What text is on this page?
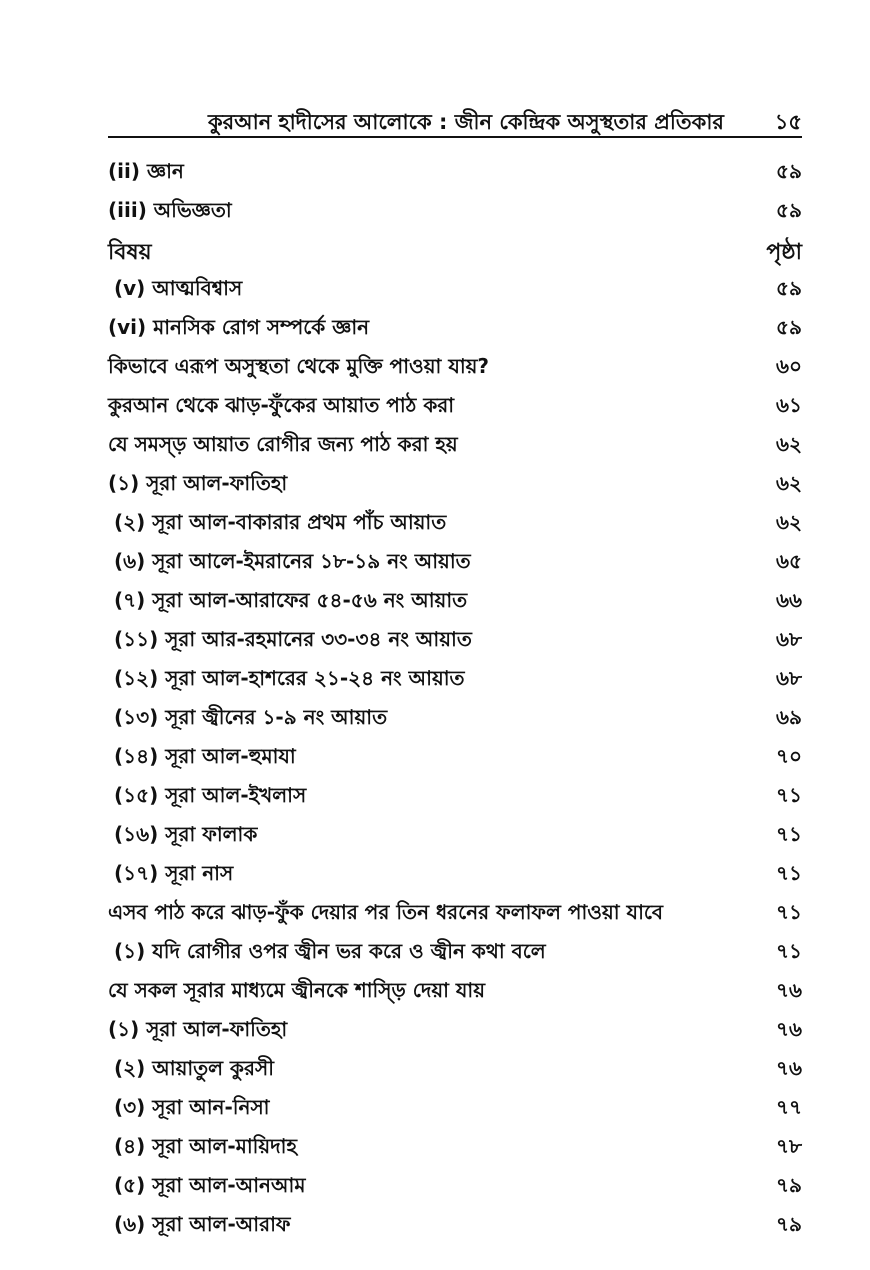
কুরআন হাদীসের আলোকে : জীন কেন্দ্রিক অসুস্থতার প্রতিকার ১৫
(ii) জ্ঞান	৫৯
(iii) অভিজ্ঞতা	৫৯
বিষয়	পৃষ্ঠা
(v) আত্মবিশ্বাস	৫৯
(vi) মানসিক রোগ সম্পর্কে জ্ঞান	৫৯
কিভাবে এরূপ অসুস্থতা থেকে মুক্তি পাওয়া যায়?	৬০
কুরআন থেকে ঝাড়-ফুঁকের আয়াত পাঠ করা	৬১
যে সমস্ড় আয়াত রোগীর জন্য পাঠ করা হয়	৬২
(১) সূরা আল-ফাতিহা	৬২
(২) সূরা আল-বাকারার প্রথম পাঁচ আয়াত	৬২
(৬) সূরা আলে-ইমরানের ১৮-১৯ নং আয়াত	৬৫
(৭) সূরা আল-আরাফের ৫৪-৫৬ নং আয়াত	৬৬
(১১) সূরা আর-রহমানের ৩৩-৩৪ নং আয়াত	৬৮
(১২) সূরা আল-হাশরের ২১-২৪ নং আয়াত	৬৮
(১৩) সূরা জ্বীনের ১-৯ নং আয়াত	৬৯
(১৪) সূরা আল-হুমাযা	৭০
(১৫) সূরা আল-ইখলাস	৭১
(১৬) সূরা ফালাক	৭১
(১৭) সূরা নাস	৭১
এসব পাঠ করে ঝাড়-ফুঁক দেয়ার পর তিন ধরনের ফলাফল পাওয়া যাবে	৭১
(১) যদি রোগীর ওপর জ্বীন ভর করে ও জ্বীন কথা বলে	৭১
যে সকল সূরার মাধ্যমে জ্বীনকে শাস্ড়ি দেয়া যায়	৭৬
(১) সূরা আল-ফাতিহা	৭৬
(২) আয়াতুল কুরসী	৭৬
(৩) সূরা আন-নিসা	৭৭
(৪) সূরা আল-মায়িদাহ	৭৮
(৫) সূরা আল-আনআম	৭৯
(৬) সূরা আল-আরাফ	৭৯
